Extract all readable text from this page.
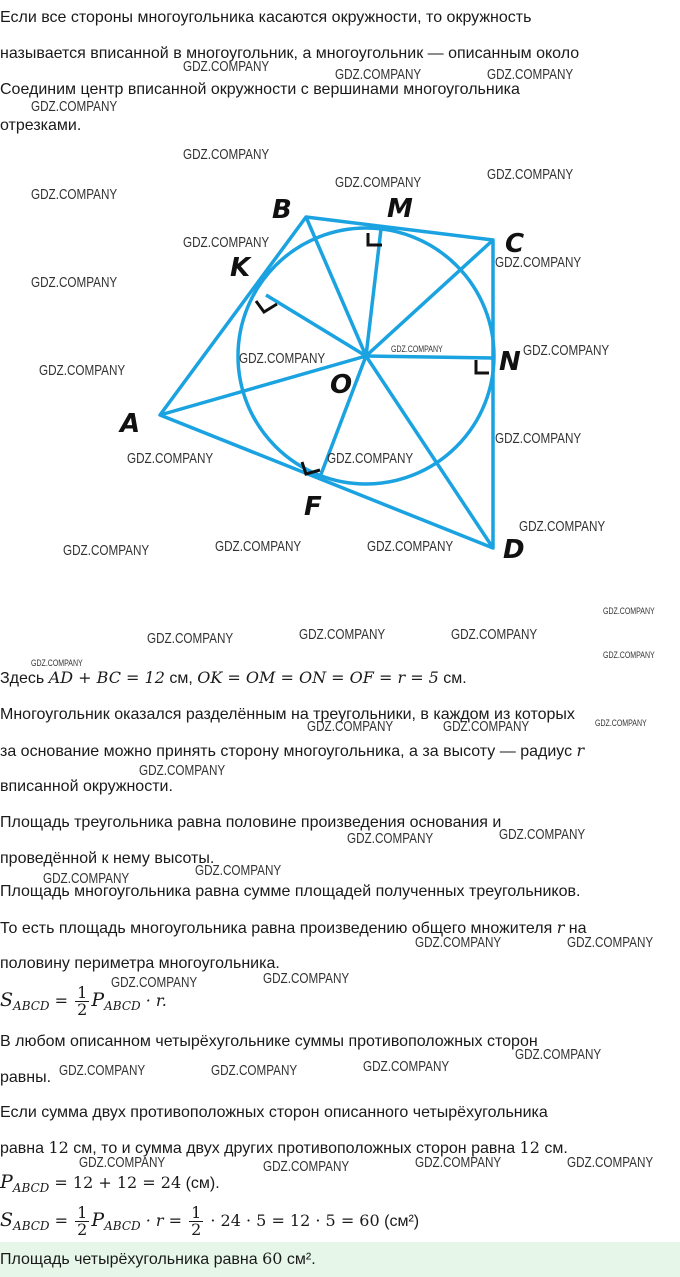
Если все стороны многоугольника касаются окружности, то окружность
называется вписанной в многоугольник, а многоугольник — описанным около
Соединим центр вписанной окружности с вершинами многоугольника
отрезками.
A
B
C
D
M
K
N
O
F
Здесь AD + BC = 12 см, OK = OM = ON = OF = r = 5 см.
Многоугольник оказался разделённым на треугольники, в каждом из которых
за основание можно принять сторону многоугольника, а за высоту — радиус r
вписанной окружности.
Площадь треугольника равна половине произведения основания и
проведённой к нему высоты.
Площадь многоугольника равна сумме площадей полученных треугольников.
То есть площадь многоугольника равна произведению общего множителя r на
половину периметра многоугольника.
$S_{ABCD} = \frac{1}{2} P_{ABCD} \cdot r$.
В любом описанном четырёхугольнике суммы противоположных сторон
равны.
Если сумма двух противоположных сторон описанного четырёхугольника
равна 12 см, то и сумма двух других противоположных сторон равна 12 см.
$P_{ABCD} = 12 + 12 = 24$ (см).
$S_{ABCD} = \frac{1}{2} P_{ABCD} \cdot r = \frac{1}{2} \cdot 24 \cdot 5 = 12 \cdot 5 = 60$ (см²)
Площадь четырёхугольника равна 60 см².
GDZ.COMPANY	GDZ.COMPANY	GDZ.COMPANY
GDZ.COMPANY
GDZ.COMPANY
GDZ.COMPANY	GDZ.COMPANY
GDZ.COMPANY
GDZ.COMPANY
GDZ.COMPANY
GDZ.COMPANY
GDZ.COMPANY	GDZ.COMPANY
GDZ.COMPANY
GDZ.COMPANY	GDZ.COMPANY
GDZ.COMPANY
GDZ.COMPANY
GDZ.COMPANY	GDZ.COMPANY	GDZ.COMPANY
GDZ.COMPANY	GDZ.COMPANY	GDZ.COMPANY
GDZ.COMPANY	GDZ.COMPANY
GDZ.COMPANY
GDZ.COMPANY	GDZ.COMPANY
GDZ.COMPANY
GDZ.COMPANY
GDZ.COMPANY	GDZ.COMPANY
GDZ.COMPANY
GDZ.COMPANY
GDZ.COMPANY
GDZ.COMPANY	GDZ.COMPANY	GDZ.COMPANY
GDZ.COMPANY	GDZ.COMPANY	GDZ.COMPANY	GDZ.COMPANY
GDZ.COMPANY
GDZ.COMPANY
GDZ.COMPANY
GDZ.COMPANY
GDZ.COMPANY
